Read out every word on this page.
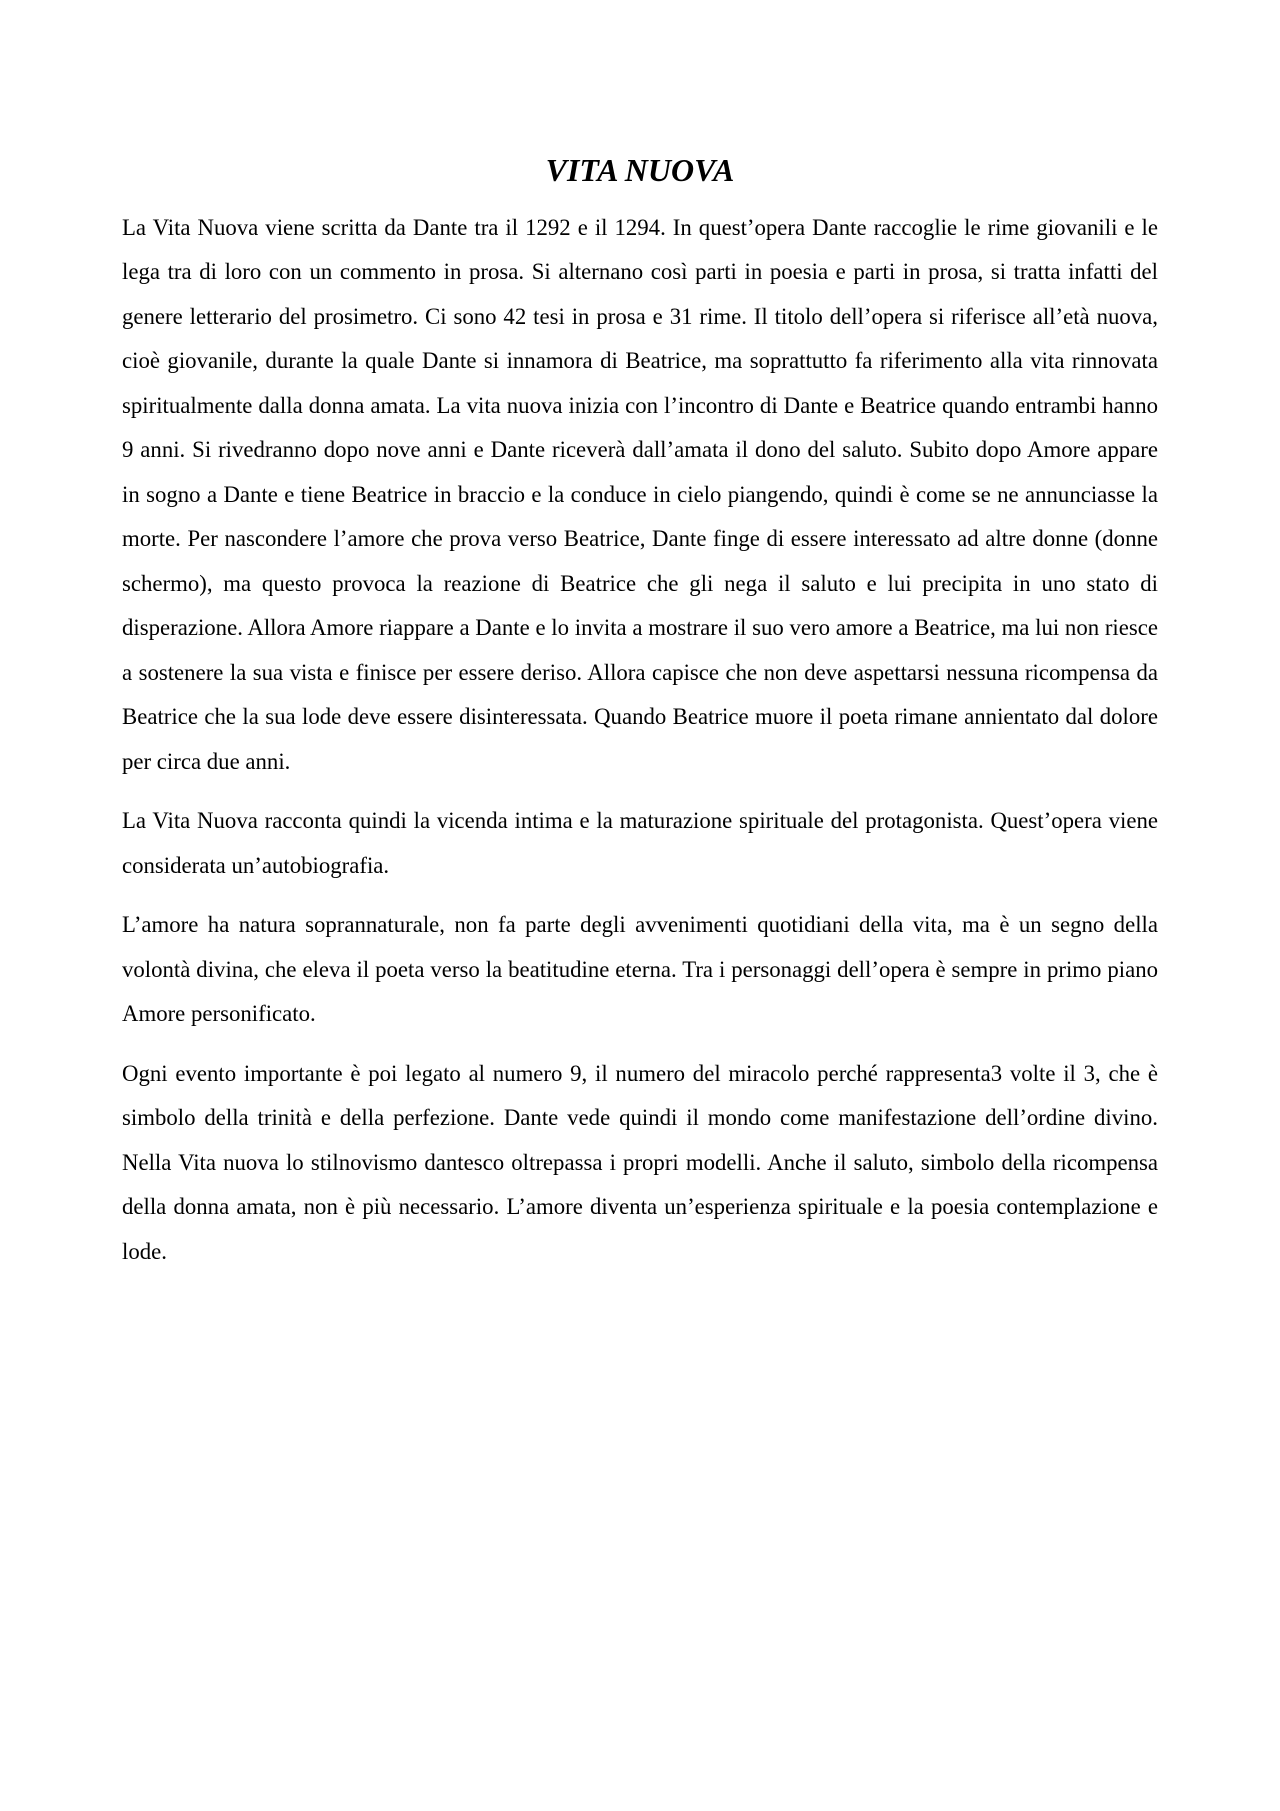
VITA NUOVA

La Vita Nuova viene scritta da Dante tra il 1292 e il 1294. In quest’opera Dante raccoglie le rime giovanili e le lega tra di loro con un commento in prosa. Si alternano così parti in poesia e parti in prosa, si tratta infatti del genere letterario del prosimetro. Ci sono 42 tesi in prosa e 31 rime. Il titolo dell’opera si riferisce all’età nuova, cioè giovanile, durante la quale Dante si innamora di Beatrice, ma soprattutto fa riferimento alla vita rinnovata spiritualmente dalla donna amata. La vita nuova inizia con l’incontro di Dante e Beatrice quando entrambi hanno 9 anni. Si rivedranno dopo nove anni e Dante riceverà dall’amata il dono del saluto. Subito dopo Amore appare in sogno a Dante e tiene Beatrice in braccio e la conduce in cielo piangendo, quindi è come se ne annunciasse la morte. Per nascondere l’amore che prova verso Beatrice, Dante finge di essere interessato ad altre donne (donne schermo), ma questo provoca la reazione di Beatrice che gli nega il saluto e lui precipita in uno stato di disperazione. Allora Amore riappare a Dante e lo invita a mostrare il suo vero amore a Beatrice, ma lui non riesce a sostenere la sua vista e finisce per essere deriso. Allora capisce che non deve aspettarsi nessuna ricompensa da Beatrice che la sua lode deve essere disinteressata. Quando Beatrice muore il poeta rimane annientato dal dolore per circa due anni.

La Vita Nuova racconta quindi la vicenda intima e la maturazione spirituale del protagonista. Quest’opera viene considerata un’autobiografia.

L’amore ha natura soprannaturale, non fa parte degli avvenimenti quotidiani della vita, ma è un segno della volontà divina, che eleva il poeta verso la beatitudine eterna. Tra i personaggi dell’opera è sempre in primo piano Amore personificato.

Ogni evento importante è poi legato al numero 9, il numero del miracolo perché rappresenta3 volte il 3, che è simbolo della trinità e della perfezione. Dante vede quindi il mondo come manifestazione dell’ordine divino. Nella Vita nuova lo stilnovismo dantesco oltrepassa i propri modelli. Anche il saluto, simbolo della ricompensa della donna amata, non è più necessario. L’amore diventa un’esperienza spirituale e la poesia contemplazione e lode.
